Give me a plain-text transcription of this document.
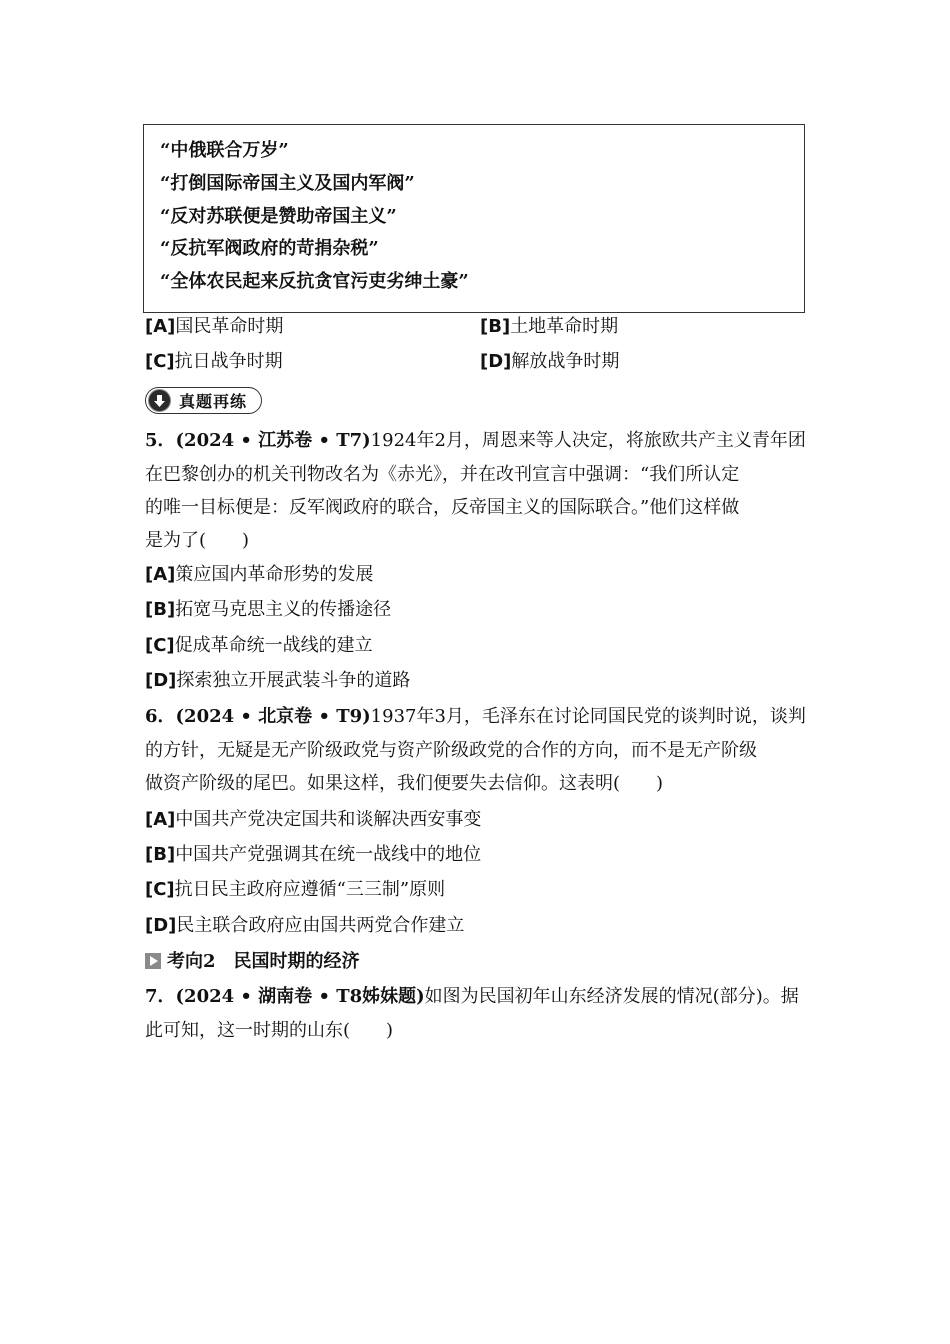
“中俄联合万岁”
“打倒国际帝国主义及国内军阀”
“反对苏联便是赞助帝国主义”
“反抗军阀政府的苛捐杂税”
“全体农民起来反抗贪官污吏劣绅土豪”
[A]国民革命时期	[B]土地革命时期
[C]抗日战争时期	[D]解放战争时期
真题再练
5．(2024 • 江苏卷 • T7)1924年2月，周恩来等人决定，将旅欧共产主义青年团
在巴黎创办的机关刊物改名为《赤光》，并在改刊宣言中强调：“我们所认定
的唯一目标便是：反军阀政府的联合，反帝国主义的国际联合。”他们这样做
是为了(　　)
[A]策应国内革命形势的发展
[B]拓宽马克思主义的传播途径
[C]促成革命统一战线的建立
[D]探索独立开展武装斗争的道路
6．(2024 • 北京卷 • T9)1937年3月，毛泽东在讨论同国民党的谈判时说，谈判
的方针，无疑是无产阶级政党与资产阶级政党的合作的方向，而不是无产阶级
做资产阶级的尾巴。如果这样，我们便要失去信仰。这表明(　　)
[A]中国共产党决定国共和谈解决西安事变
[B]中国共产党强调其在统一战线中的地位
[C]抗日民主政府应遵循“三三制”原则
[D]民主联合政府应由国共两党合作建立
考向2　民国时期的经济
7．(2024 • 湖南卷 • T8姊妹题)如图为民国初年山东经济发展的情况(部分)。据
此可知，这一时期的山东(　　)
